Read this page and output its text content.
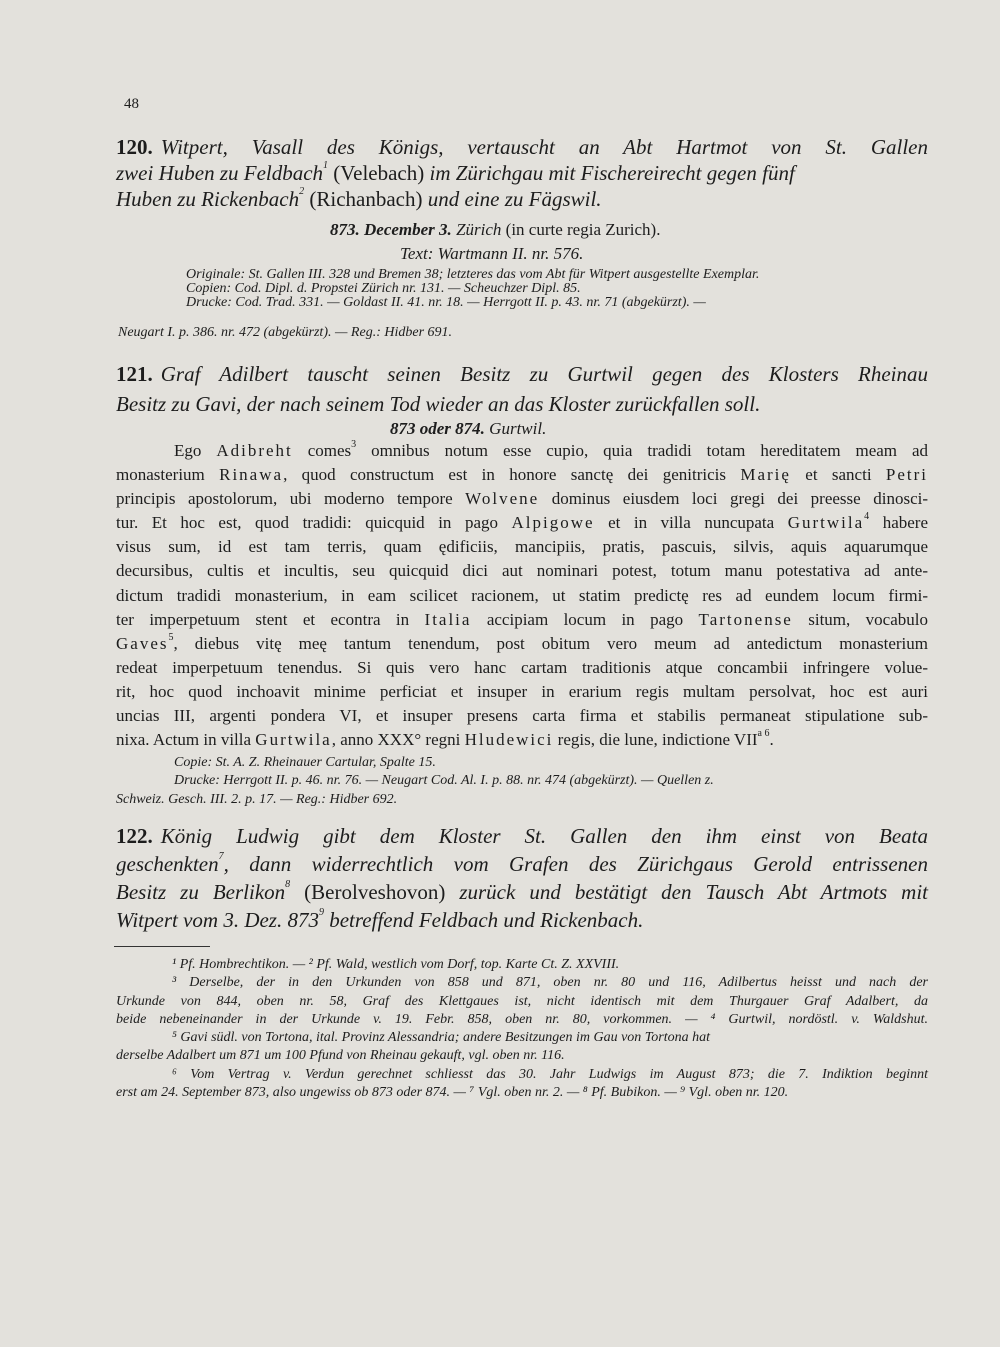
48
120. Witpert, Vasall des Königs, vertauscht an Abt Hartmot von St. Gallen
zwei Huben zu Feldbach$^1$ (Velebach) im Zürichgau mit Fischereirecht gegen fünf
Huben zu Rickenbach$^2$ (Richanbach) und eine zu Fägswil.
873. December 3. Zürich (in curte regia Zurich).
Text: Wartmann II. nr. 576.
Originale: St. Gallen III. 328 und Bremen 38; letzteres das vom Abt für Witpert ausgestellte Exemplar.
Copien: Cod. Dipl. d. Propstei Zürich nr. 131. — Scheuchzer Dipl. 85.
Drucke: Cod. Trad. 331. — Goldast II. 41. nr. 18. — Herrgott II. p. 43. nr. 71 (abgekürzt). —
Neugart I. p. 386. nr. 472 (abgekürzt). — Reg.: Hidber 691.
121. Graf Adilbert tauscht seinen Besitz zu Gurtwil gegen des Klosters Rheinau
Besitz zu Gavi, der nach seinem Tod wieder an das Kloster zurückfallen soll.
873 oder 874. Gurtwil.
Ego Adibreht comes$^3$ omnibus notum esse cupio, quia tradidi totam hereditatem meam ad
monasterium Rinawa, quod constructum est in honore sanctę dei genitricis Marię et sancti Petri
principis apostolorum, ubi moderno tempore Wolvene dominus eiusdem loci gregi dei preesse dinosci-
tur. Et hoc est, quod tradidi: quicquid in pago Alpigowe et in villa nuncupata Gurtwila$^4$ habere
visus sum, id est tam terris, quam ędificiis, mancipiis, pratis, pascuis, silvis, aquis aquarumque
decursibus, cultis et incultis, seu quicquid dici aut nominari potest, totum manu potestativa ad ante-
dictum tradidi monasterium, in eam scilicet racionem, ut statim predictę res ad eundem locum firmi-
ter imperpetuum stent et econtra in Italia accipiam locum in pago Tartonense situm, vocabulo
Gaves$^5$, diebus vitę meę tantum tenendum, post obitum vero meum ad antedictum monasterium
redeat imperpetuum tenendus. Si quis vero hanc cartam traditionis atque concambii infringere volue-
rit, hoc quod inchoavit minime perficiat et insuper in erarium regis multam persolvat, hoc est auri
uncias III, argenti pondera VI, et insuper presens carta firma et stabilis permaneat stipulatione sub-
nixa. Actum in villa Gurtwila, anno XXX° regni Hludewici regis, die lune, indictione $VII^{a 6}$.
Copie: St. A. Z. Rheinauer Cartular, Spalte 15.
Drucke: Herrgott II. p. 46. nr. 76. — Neugart Cod. Al. I. p. 88. nr. 474 (abgekürzt). — Quellen z.
Schweiz. Gesch. III. 2. p. 17. — Reg.: Hidber 692.
122. König Ludwig gibt dem Kloster St. Gallen den ihm einst von Beata
geschenkten$^7$, dann widerrechtlich vom Grafen des Zürichgaus Gerold entrissenen
Besitz zu Berlikon$^8$ (Berolveshovon) zurück und bestätigt den Tausch Abt Artmots mit
Witpert vom 3. Dez. $873^9$ betreffend Feldbach und Rickenbach.
¹ Pf. Hombrechtikon. — ² Pf. Wald, westlich vom Dorf, top. Karte Ct. Z. XXVIII.
³ Derselbe, der in den Urkunden von 858 und 871, oben nr. 80 und 116, Adilbertus heisst und nach der
Urkunde von 844, oben nr. 58, Graf des Klettgaues ist, nicht identisch mit dem Thurgauer Graf Adalbert, da
beide nebeneinander in der Urkunde v. 19. Febr. 858, oben nr. 80, vorkommen. — ⁴ Gurtwil, nordöstl. v. Waldshut.
⁵ Gavi südl. von Tortona, ital. Provinz Alessandria; andere Besitzungen im Gau von Tortona hat
derselbe Adalbert um 871 um 100 Pfund von Rheinau gekauft, vgl. oben nr. 116.
⁶ Vom Vertrag v. Verdun gerechnet schliesst das 30. Jahr Ludwigs im August 873; die 7. Indiktion beginnt
erst am 24. September 873, also ungewiss ob 873 oder 874. — ⁷ Vgl. oben nr. 2. — ⁸ Pf. Bubikon. — ⁹ Vgl. oben nr. 120.
